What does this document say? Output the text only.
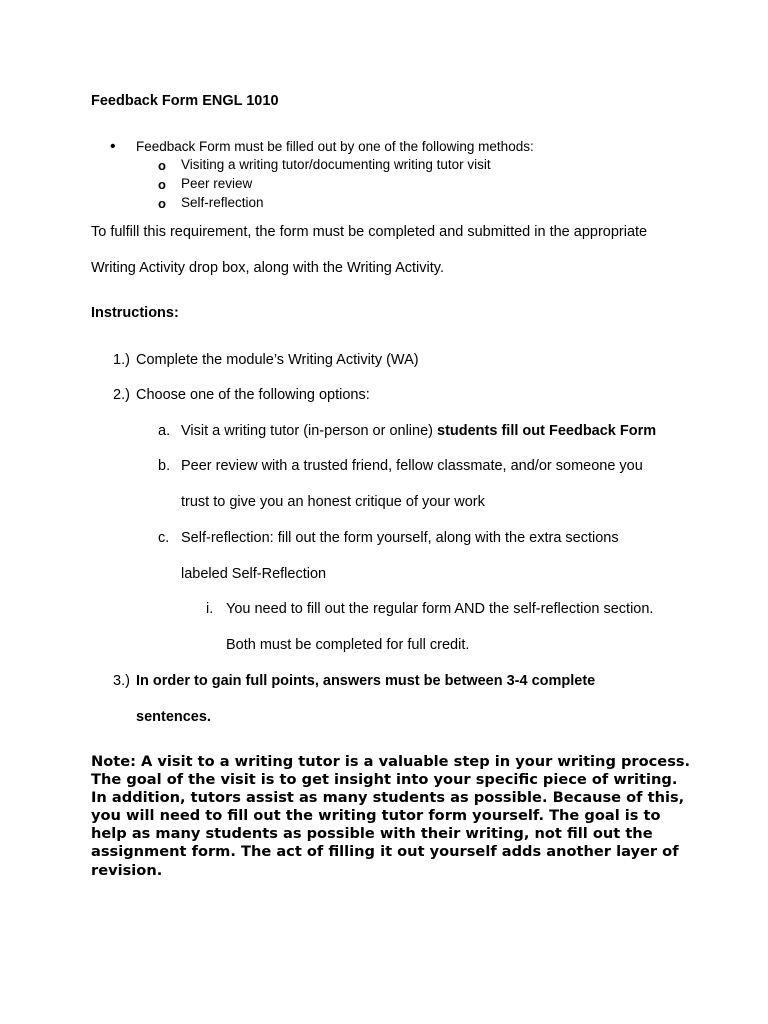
Feedback Form ENGL 1010
• Feedback Form must be filled out by one of the following methods:
o Visiting a writing tutor/documenting writing tutor visit
o Peer review
o Self-reflection
To fulfill this requirement, the form must be completed and submitted in the appropriate
Writing Activity drop box, along with the Writing Activity.
Instructions:
1.) Complete the module’s Writing Activity (WA)
2.) Choose one of the following options:
a. Visit a writing tutor (in-person or online) students fill out Feedback Form
b. Peer review with a trusted friend, fellow classmate, and/or someone you
trust to give you an honest critique of your work
c. Self-reflection: fill out the form yourself, along with the extra sections
labeled Self-Reflection
i. You need to fill out the regular form AND the self-reflection section.
Both must be completed for full credit.
3.) In order to gain full points, answers must be between 3-4 complete
sentences.
Note: A visit to a writing tutor is a valuable step in your writing process. The goal of the visit is to get insight into your specific piece of writing. In addition, tutors assist as many students as possible. Because of this, you will need to fill out the writing tutor form yourself. The goal is to help as many students as possible with their writing, not fill out the assignment form. The act of filling it out yourself adds another layer of revision.
